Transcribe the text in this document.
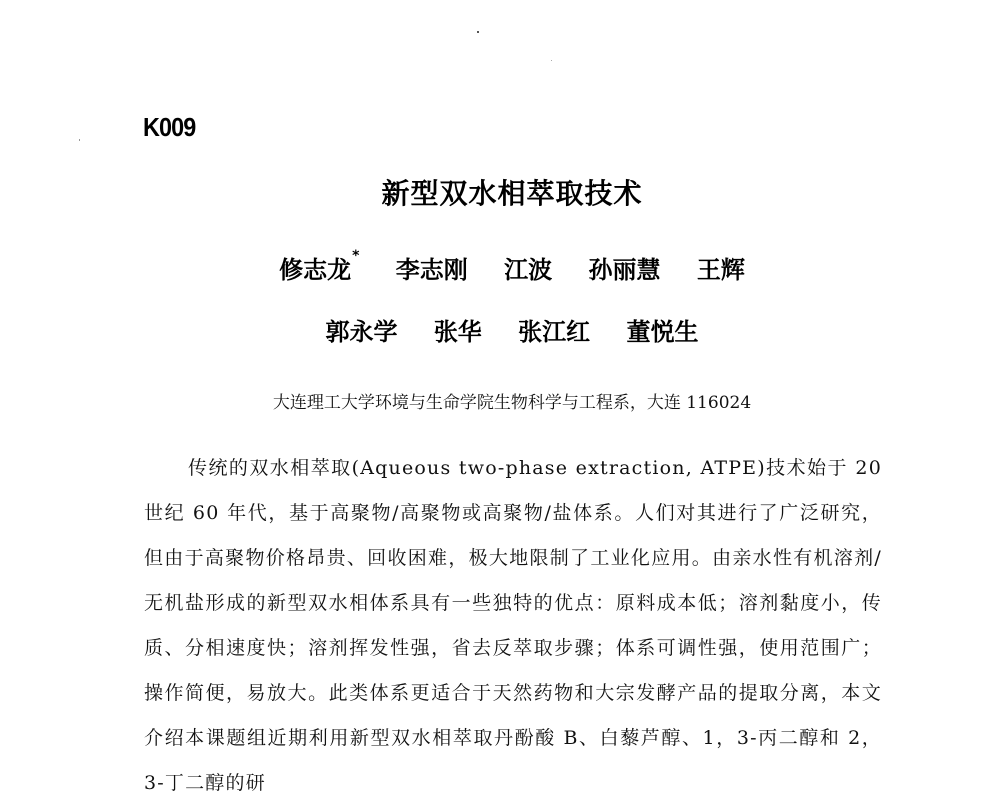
K009
新型双水相萃取技术
修志龙* 李志刚 江波 孙丽慧 王辉
郭永学 张华 张江红 董悦生
大连理工大学环境与生命学院生物科学与工程系，大连 116024

传统的双水相萃取(Aqueous two-phase extraction, ATPE)技术始于 20 世纪 60 年代，基于高聚物/高聚物或高聚物/盐体系。人们对其进行了广泛研究，但由于高聚物价格昂贵、回收困难，极大地限制了工业化应用。由亲水性有机溶剂/无机盐形成的新型双水相体系具有一些独特的优点：原料成本低；溶剂黏度小，传质、分相速度快；溶剂挥发性强，省去反萃取步骤；体系可调性强，使用范围广；操作简便，易放大。此类体系更适合于天然药物和大宗发酵产品的提取分离，本文介绍本课题组近期利用新型双水相萃取丹酚酸 B、白藜芦醇、1，3-丙二醇和 2，3-丁二醇的研
